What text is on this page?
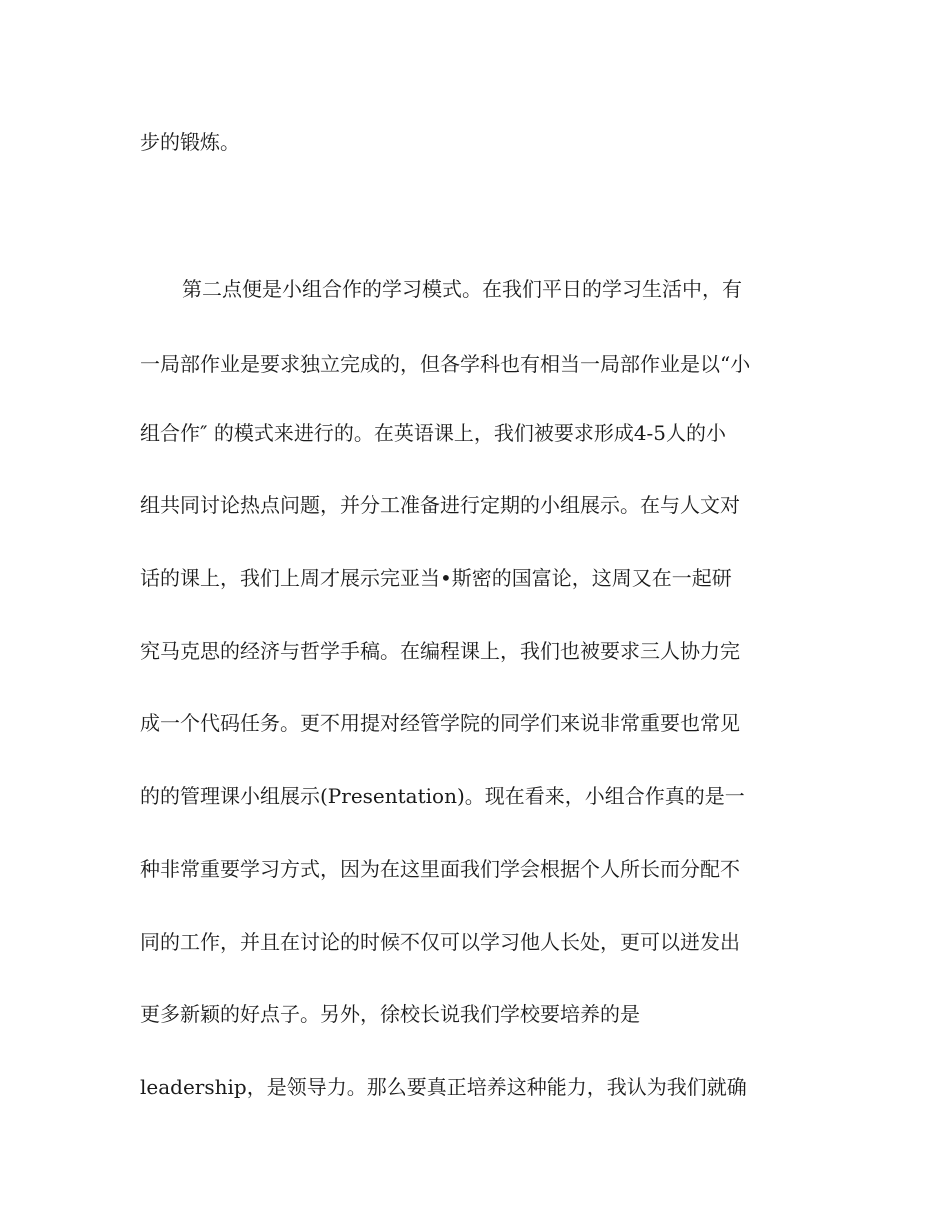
步的锻炼。
第二点便是小组合作的学习模式。在我们平日的学习生活中，有
一局部作业是要求独立完成的，但各学科也有相当一局部作业是以“小
组合作″ 的模式来进行的。在英语课上，我们被要求形成4-5人的小
组共同讨论热点问题，并分工准备进行定期的小组展示。在与人文对
话的课上，我们上周才展示完亚当•斯密的国富论，这周又在一起研
究马克思的经济与哲学手稿。在编程课上，我们也被要求三人协力完
成一个代码任务。更不用提对经管学院的同学们来说非常重要也常见
的的管理课小组展示(Presentation)。现在看来，小组合作真的是一
种非常重要学习方式，因为在这里面我们学会根据个人所长而分配不
同的工作，并且在讨论的时候不仅可以学习他人长处，更可以迸发出
更多新颖的好点子。另外，徐校长说我们学校要培养的是
leadership，是领导力。那么要真正培养这种能力，我认为我们就确
